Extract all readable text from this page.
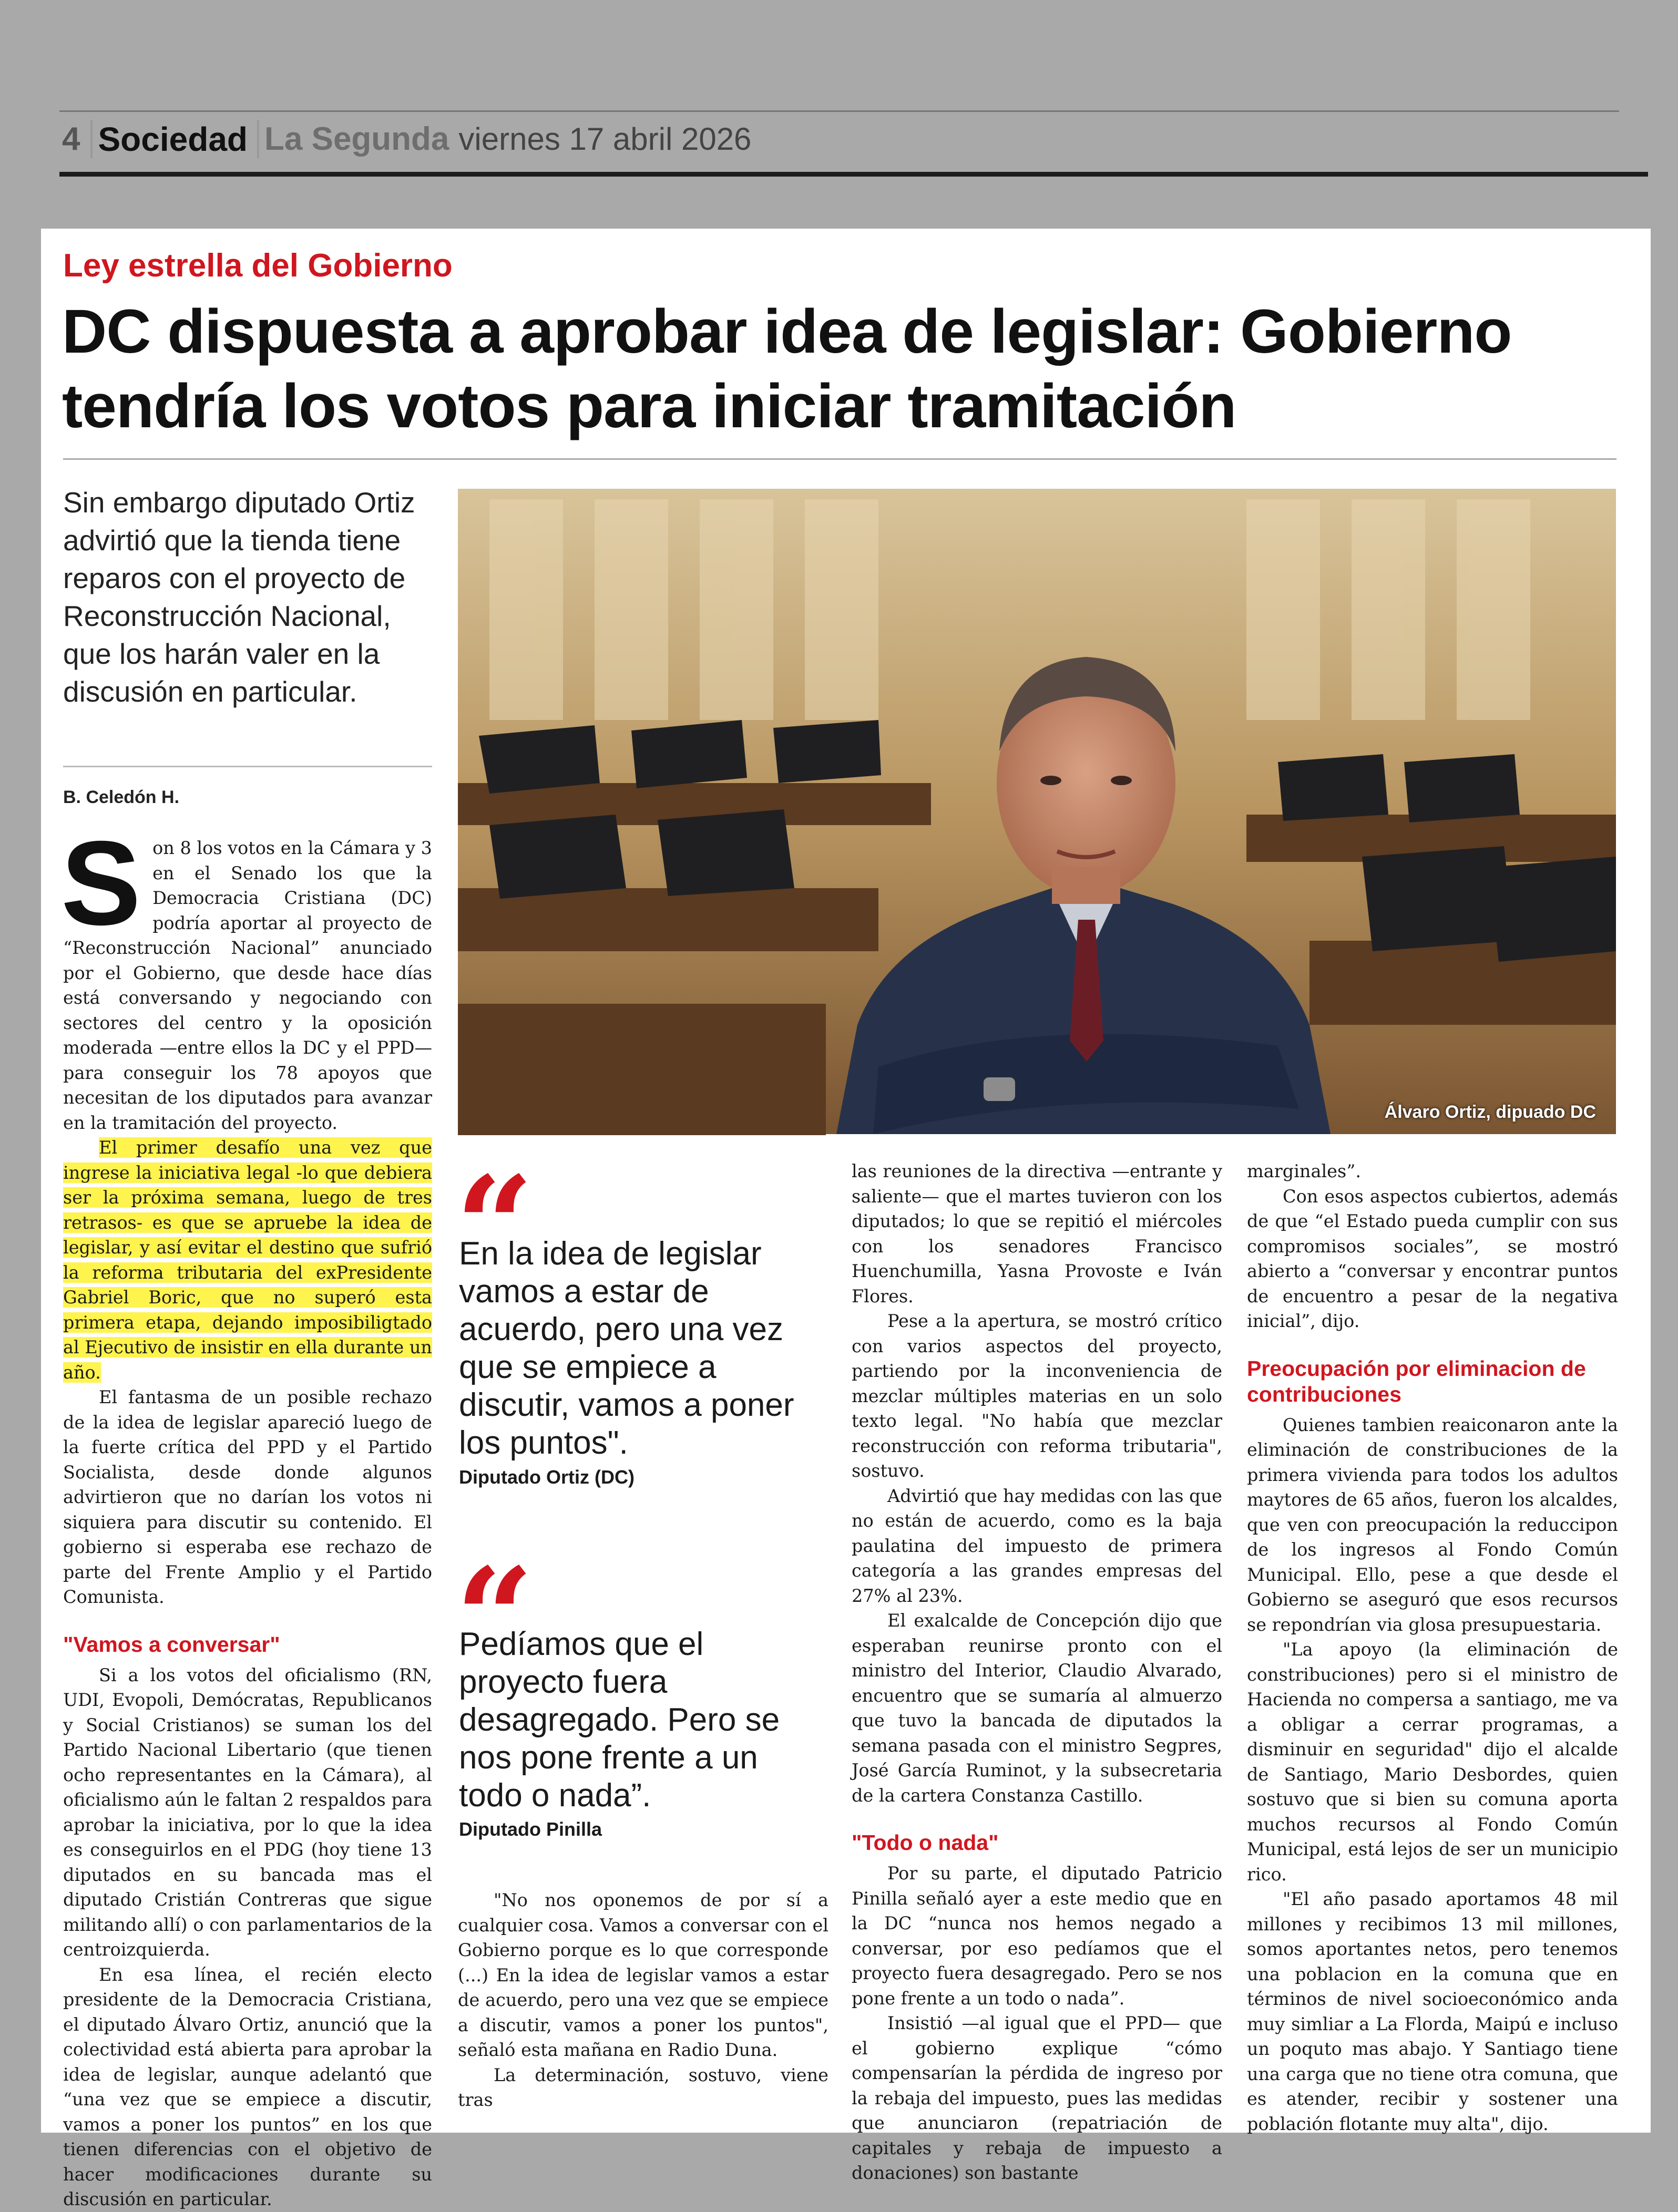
4 Sociedad La Segunda viernes 17 abril 2026
Ley estrella del Gobierno
DC dispuesta a aprobar idea de legislar: Gobierno tendría los votos para iniciar tramitación
Sin embargo diputado Ortiz advirtió que la tienda tiene reparos con el proyecto de Reconstrucción Nacional, que los harán valer en la discusión en particular.
B. Celedón H.
Álvaro Ortiz, dipuado DC

Son 8 los votos en la Cámara y 3 en el Senado los que la Democracia Cristiana (DC) podría aportar al proyecto de “Reconstrucción Nacional” anunciado por el Gobierno, que desde hace días está conversando y negociando con sectores del centro y la oposición moderada —entre ellos la DC y el PPD— para conseguir los 78 apoyos que necesitan de los diputados para avanzar en la tramitación del proyecto.

El primer desafío una vez que ingrese la iniciativa legal -lo que debiera ser la próxima semana, luego de tres retrasos- es que se apruebe la idea de legislar, y así evitar el destino que sufrió la reforma tributaria del exPresidente Gabriel Boric, que no superó esta primera etapa, dejando imposibiligtado al Ejecutivo de insistir en ella durante un año.

El fantasma de un posible rechazo de la idea de legislar apareció luego de la fuerte crítica del PPD y el Partido Socialista, desde donde algunos advirtieron que no darían los votos ni siquiera para discutir su contenido. El gobierno si esperaba ese rechazo de parte del Frente Amplio y el Partido Comunista.

"Vamos a conversar"

Si a los votos del oficialismo (RN, UDI, Evopoli, Demócratas, Republicanos y Social Cristianos) se suman los del Partido Nacional Libertario (que tienen ocho representantes en la Cámara), al oficialismo aún le faltan 2 respaldos para aprobar la iniciativa, por lo que la idea es conseguirlos en el PDG (hoy tiene 13 diputados en su bancada mas el diputado Cristián Contreras que sigue militando allí) o con parlamentarios de la centroizquierda.

En esa línea, el recién electo presidente de la Democracia Cristiana, el diputado Álvaro Ortiz, anunció que la colectividad está abierta para aprobar la idea de legislar, aunque adelantó que “una vez que se empiece a discutir, vamos a poner los puntos” en los que tienen diferencias con el objetivo de hacer modificaciones durante su discusión en particular.

“
En la idea de legislar vamos a estar de acuerdo, pero una vez que se empiece a discutir, vamos a poner los puntos".
Diputado Ortiz (DC)
“
Pedíamos que el proyecto fuera desagregado. Pero se nos pone frente a un todo o nada”.
Diputado Pinilla

"No nos oponemos de por sí a cualquier cosa. Vamos a conversar con el Gobierno porque es lo que corresponde (...) En la idea de legislar vamos a estar de acuerdo, pero una vez que se empiece a discutir, vamos a poner los puntos", señaló esta mañana en Radio Duna.

La determinación, sostuvo, viene tras

las reuniones de la directiva —entrante y saliente— que el martes tuvieron con los diputados; lo que se repitió el miércoles con los senadores Francisco Huenchumilla, Yasna Provoste e Iván Flores.

Pese a la apertura, se mostró crítico con varios aspectos del proyecto, partiendo por la inconveniencia de mezclar múltiples materias en un solo texto legal. "No había que mezclar reconstrucción con reforma tributaria", sostuvo.

Advirtió que hay medidas con las que no están de acuerdo, como es la baja paulatina del impuesto de primera categoría a las grandes empresas del 27% al 23%.

El exalcalde de Concepción dijo que esperaban reunirse pronto con el ministro del Interior, Claudio Alvarado, encuentro que se sumaría al almuerzo que tuvo la bancada de diputados la semana pasada con el ministro Segpres, José García Ruminot, y la subsecretaria de la cartera Constanza Castillo.

"Todo o nada"

Por su parte, el diputado Patricio Pinilla señaló ayer a este medio que en la DC “nunca nos hemos negado a conversar, por eso pedíamos que el proyecto fuera desagregado. Pero se nos pone frente a un todo o nada”.

Insistió —al igual que el PPD— que el gobierno explique “cómo compensarían la pérdida de ingreso por la rebaja del impuesto, pues las medidas que anunciaron (repatriación de capitales y rebaja de impuesto a donaciones) son bastante

marginales”.

Con esos aspectos cubiertos, además de que “el Estado pueda cumplir con sus compromisos sociales”, se mostró abierto a “conversar y encontrar puntos de encuentro a pesar de la negativa inicial”, dijo.

Preocupación por eliminacion de contribuciones

Quienes tambien reaiconaron ante la eliminación de constribuciones de la primera vivienda para todos los adultos maytores de 65 años, fueron los alcaldes, que ven con preocupación la reduccipon de los ingresos al Fondo Común Municipal. Ello, pese a que desde el Gobierno se aseguró que esos recursos se repondrían via glosa presupuestaria.

"La apoyo (la eliminación de constribuciones) pero si el ministro de Hacienda no compersa a santiago, me va a obligar a cerrar programas, a disminuir en seguridad" dijo el alcalde de Santiago, Mario Desbordes, quien sostuvo que si bien su comuna aporta muchos recursos al Fondo Común Municipal, está lejos de ser un municipio rico.

"El año pasado aportamos 48 mil millones y recibimos 13 mil millones, somos aportantes netos, pero tenemos una poblacion en la comuna que en términos de nivel socioeconómico anda muy simliar a La Florda, Maipú e incluso un poquto mas abajo. Y Santiago tiene una carga que no tiene otra comuna, que es atender, recibir y sostener una población flotante muy alta", dijo.
